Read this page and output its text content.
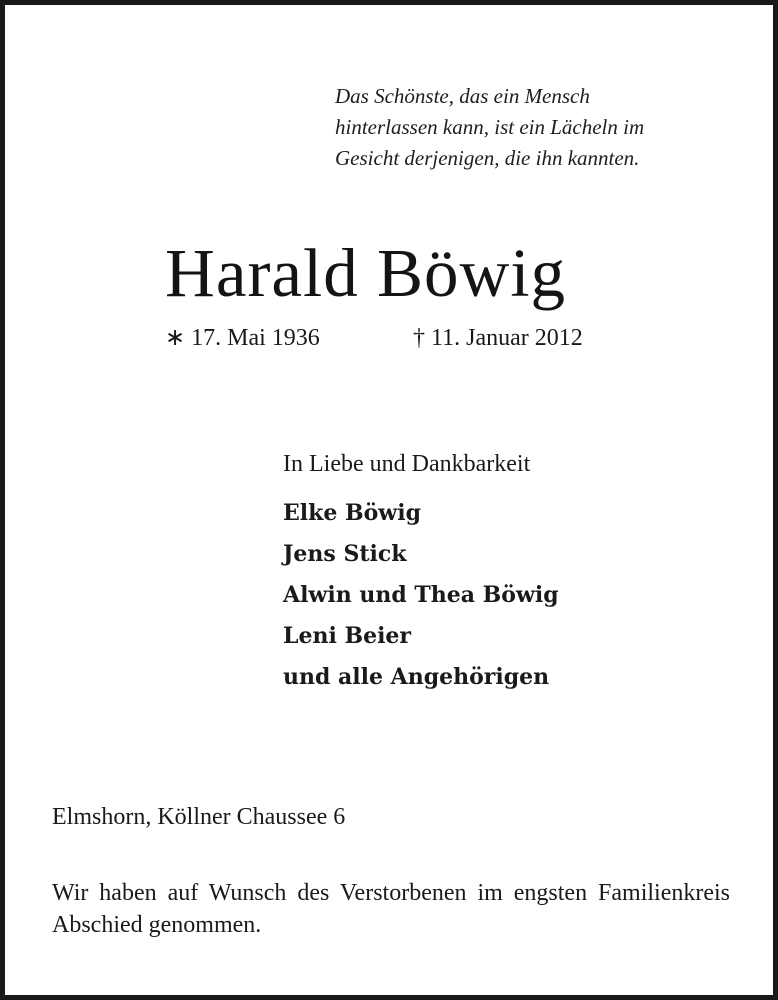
Das Schönste, das ein Mensch
hinterlassen kann, ist ein Lächeln im
Gesicht derjenigen, die ihn kannten.
Harald Böwig
∗ 17. Mai 1936	† 11. Januar 2012
In Liebe und Dankbarkeit
Elke Böwig
Jens Stick
Alwin und Thea Böwig
Leni Beier
und alle Angehörigen
Elmshorn, Köllner Chaussee 6
Wir haben auf Wunsch des Verstorbenen im engsten Familienkreis Abschied genommen.
